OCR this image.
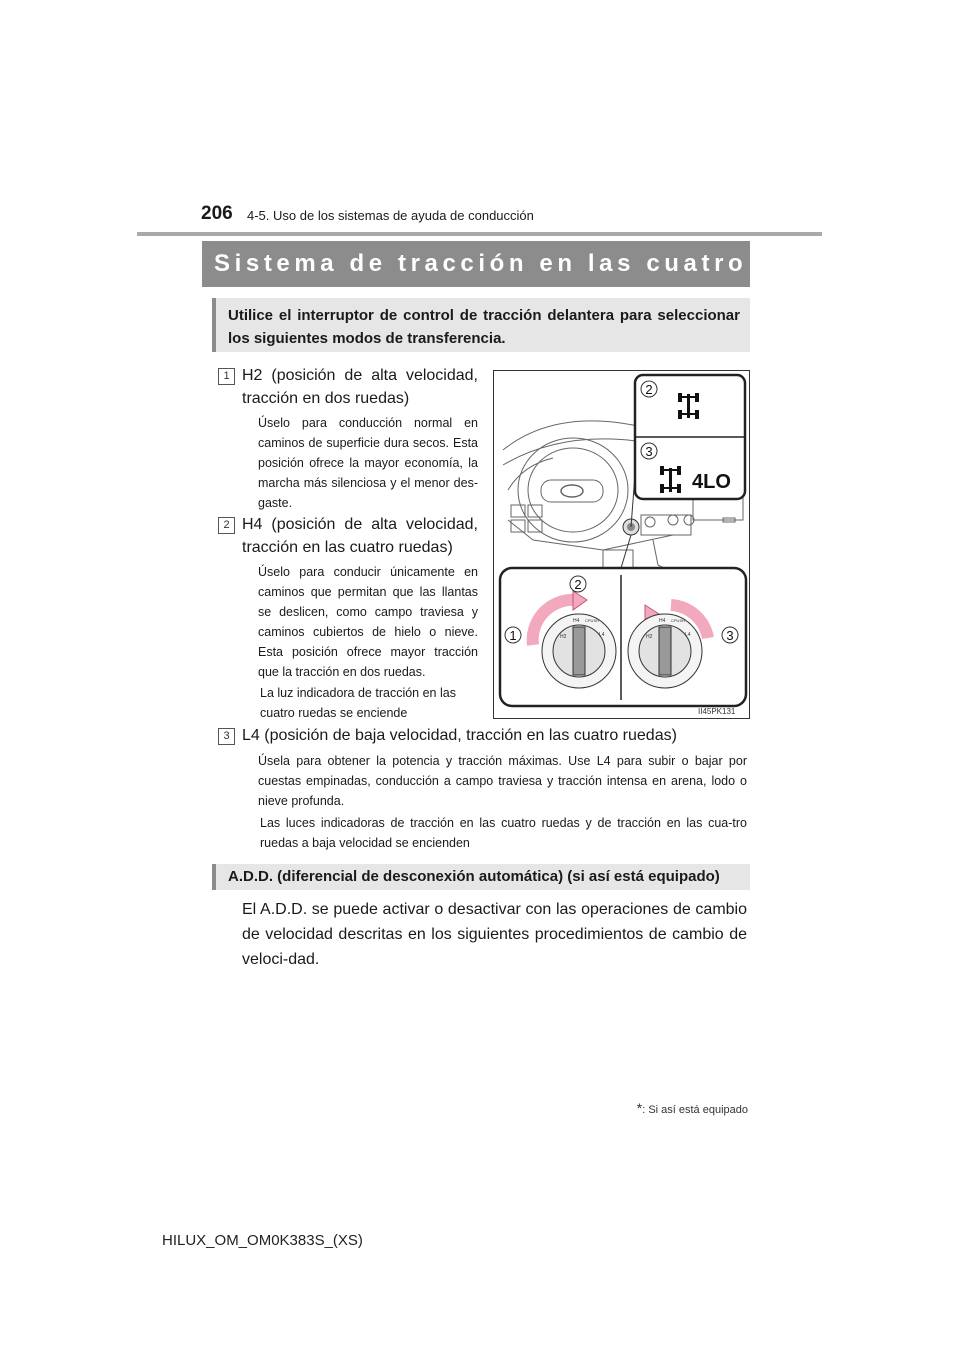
206 4-5. Uso de los sistemas de ayuda de conducción
Sistema de tracción en las cuatro ruedas *
Utilice el interruptor de control de tracción delantera para seleccionar los siguientes modos de transferencia.
1 H2 (posición de alta velocidad, tracción en dos ruedas)
Úselo para conducción normal en caminos de superficie dura secos. Esta posición ofrece la mayor economía, la marcha más silenciosa y el menor des-gaste.
2 H4 (posición de alta velocidad, tracción en las cuatro ruedas)
Úselo para conducir únicamente en caminos que permitan que las llantas se deslicen, como campo traviesa y caminos cubiertos de hielo o nieve. Esta posición ofrece mayor tracción que la tracción en dos ruedas.
La luz indicadora de tracción en las cuatro ruedas se enciende
2
3
4LO
H2
H4 CPUSH
L4
1	H2
H4 CPUSH
L4
2
3
II45PK131
3 L4 (posición de baja velocidad, tracción en las cuatro ruedas)
Úsela para obtener la potencia y tracción máximas. Use L4 para subir o bajar por cuestas empinadas, conducción a campo traviesa y tracción intensa en arena, lodo o nieve profunda.
Las luces indicadoras de tracción en las cuatro ruedas y de tracción en las cua-tro ruedas a baja velocidad se encienden
A.D.D. (diferencial de desconexión automática) (si así está equipado)
El A.D.D. se puede activar o desactivar con las operaciones de cambio de velocidad descritas en los siguientes procedimientos de cambio de veloci-dad.
*: Si así está equipado
HILUX_OM_OM0K383S_(XS)
